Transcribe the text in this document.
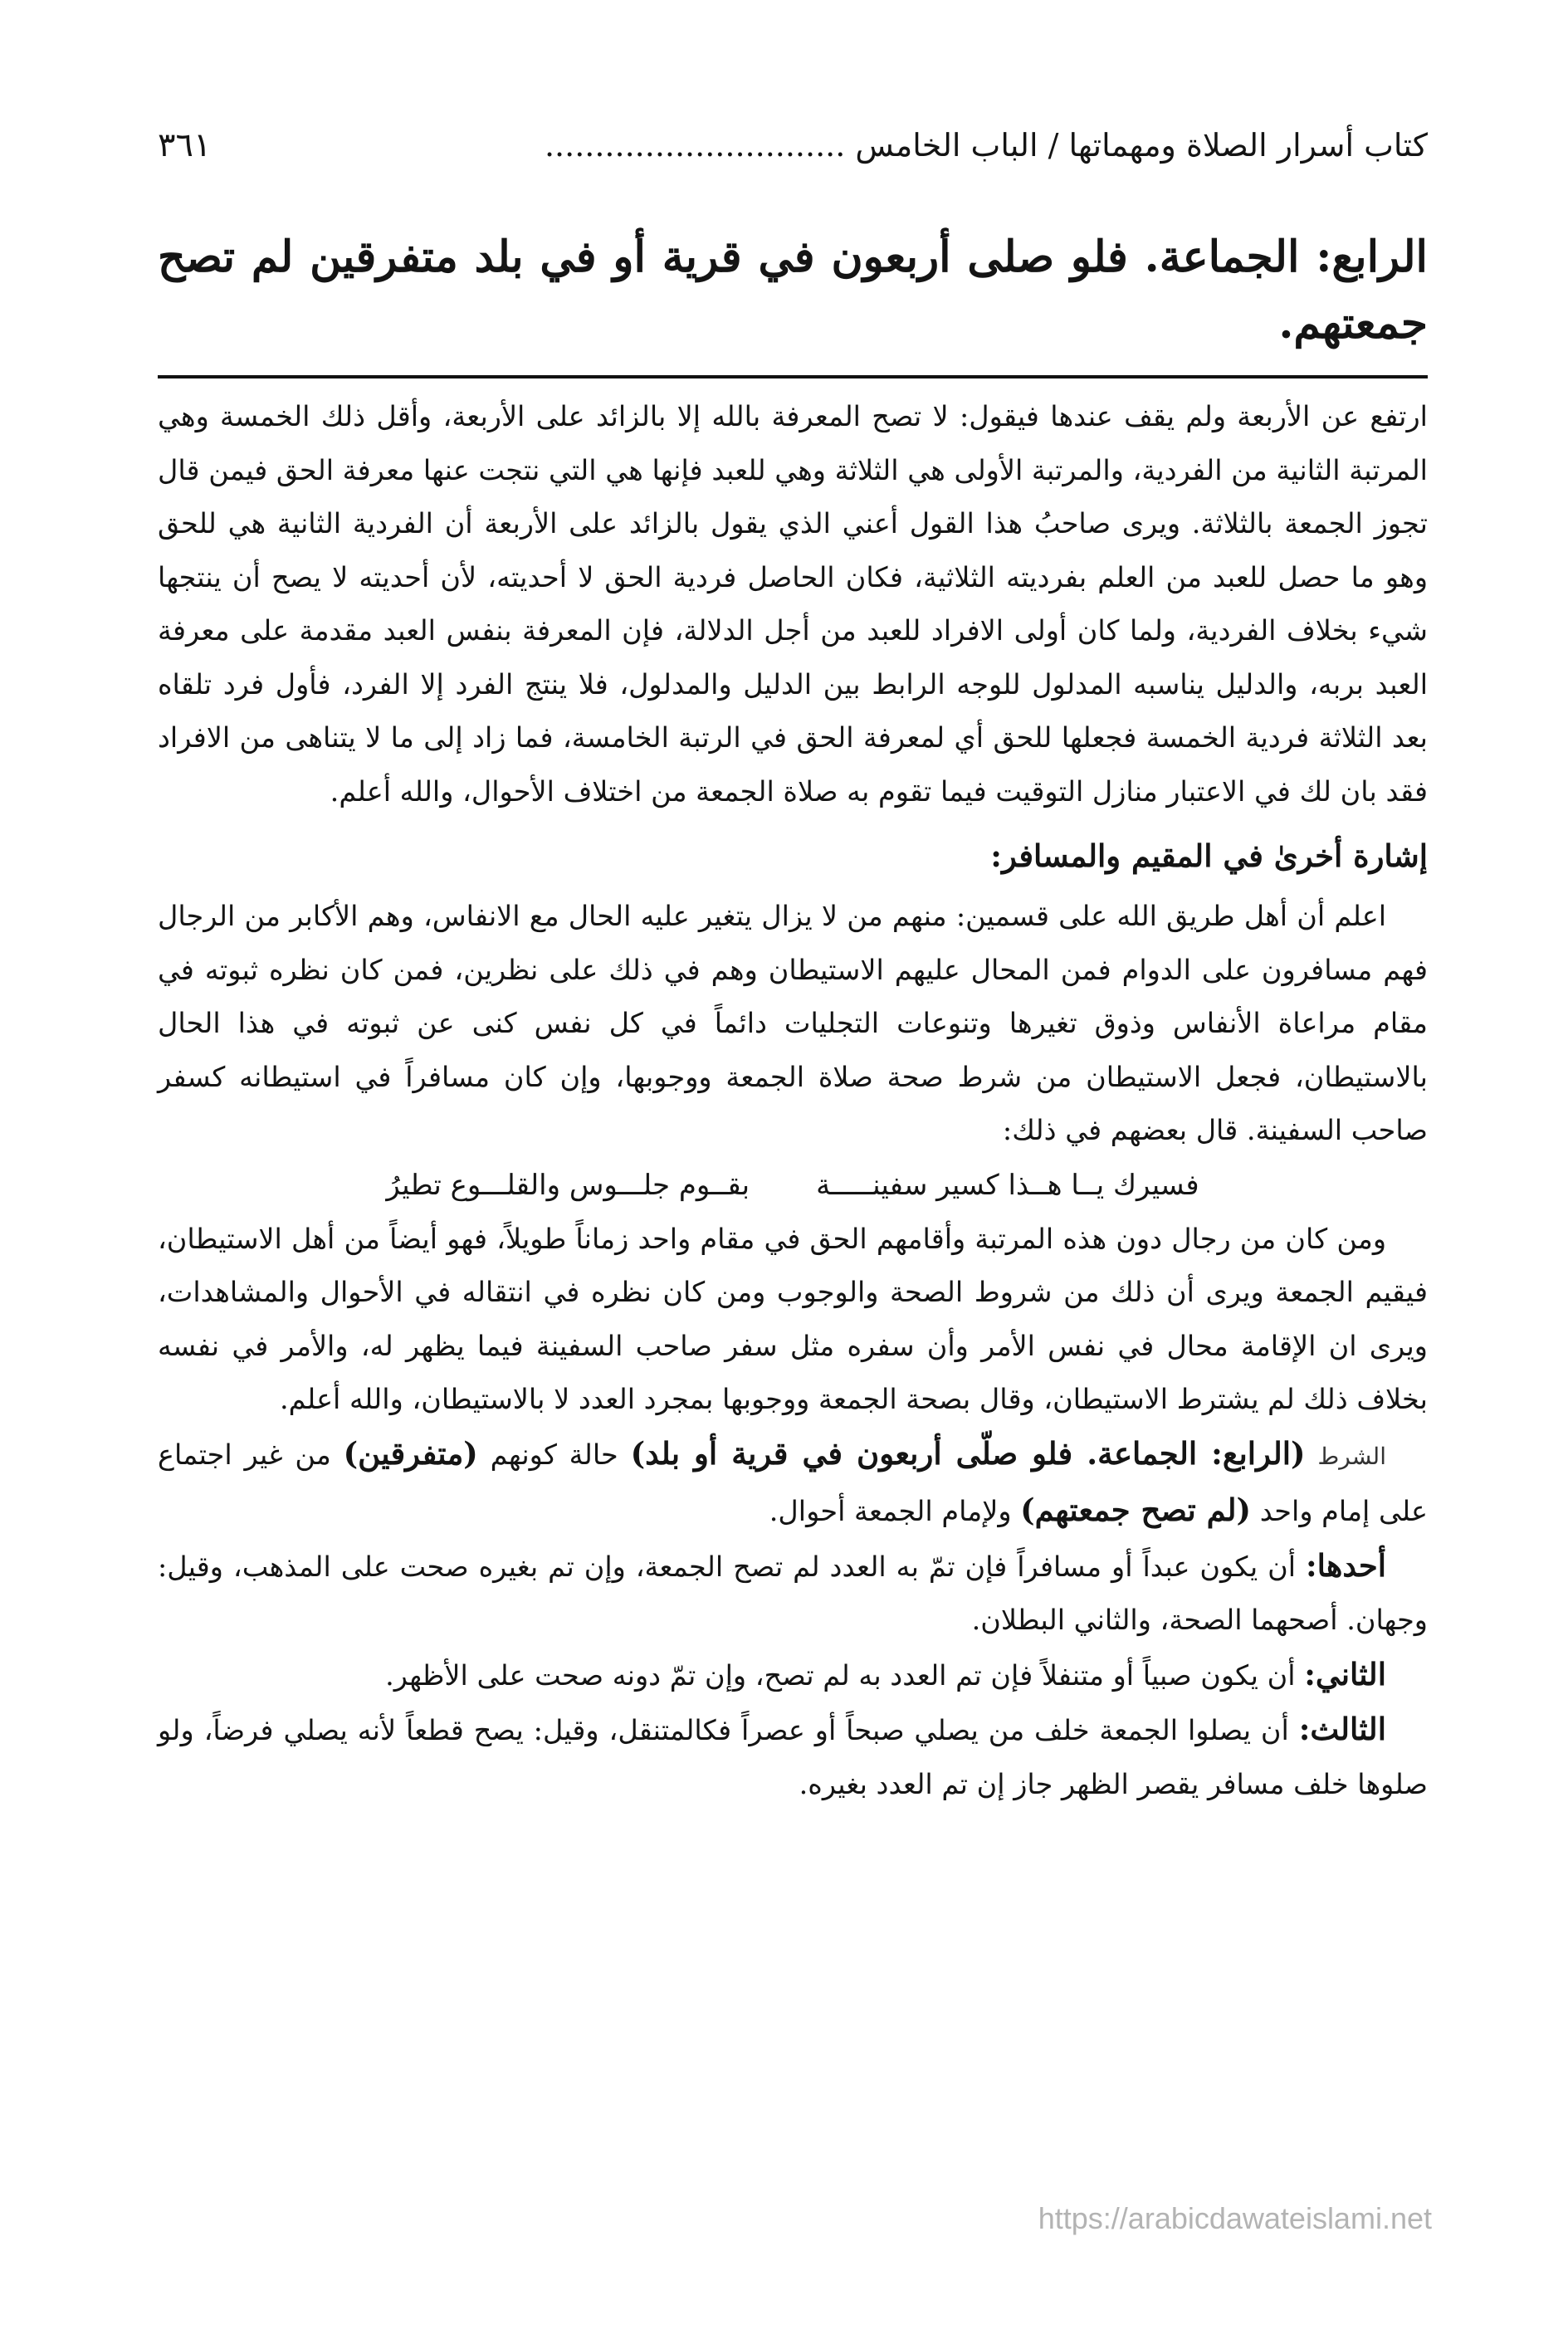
كتاب أسرار الصلاة ومهماتها / الباب الخامس ..............................
٣٦١
الرابع: الجماعة. فلو صلى أربعون في قرية أو في بلد متفرقين لم تصح جمعتهم.

ارتفع عن الأربعة ولم يقف عندها فيقول: لا تصح المعرفة بالله إلا بالزائد على الأربعة، وأقل ذلك الخمسة وهي المرتبة الثانية من الفردية، والمرتبة الأولى هي الثلاثة وهي للعبد فإنها هي التي نتجت عنها معرفة الحق فيمن قال تجوز الجمعة بالثلاثة. ويرى صاحبُ هذا القول أعني الذي يقول بالزائد على الأربعة أن الفردية الثانية هي للحق وهو ما حصل للعبد من العلم بفرديته الثلاثية، فكان الحاصل فردية الحق لا أحديته، لأن أحديته لا يصح أن ينتجها شيء بخلاف الفردية، ولما كان أولى الافراد للعبد من أجل الدلالة، فإن المعرفة بنفس العبد مقدمة على معرفة العبد بربه، والدليل يناسبه المدلول للوجه الرابط بين الدليل والمدلول، فلا ينتج الفرد إلا الفرد، فأول فرد تلقاه بعد الثلاثة فردية الخمسة فجعلها للحق أي لمعرفة الحق في الرتبة الخامسة، فما زاد إلى ما لا يتناهى من الافراد فقد بان لك في الاعتبار منازل التوقيت فيما تقوم به صلاة الجمعة من اختلاف الأحوال، والله أعلم.

إشارة أخرىٰ في المقيم والمسافر:

اعلم أن أهل طريق الله على قسمين: منهم من لا يزال يتغير عليه الحال مع الانفاس، وهم الأكابر من الرجال فهم مسافرون على الدوام فمن المحال عليهم الاستيطان وهم في ذلك على نظرين، فمن كان نظره ثبوته في مقام مراعاة الأنفاس وذوق تغيرها وتنوعات التجليات دائماً في كل نفس كنى عن ثبوته في هذا الحال بالاستيطان، فجعل الاستيطان من شرط صحة صلاة الجمعة ووجوبها، وإن كان مسافراً في استيطانه كسفر صاحب السفينة. قال بعضهم في ذلك:

فسيرك يــا هــذا كسير سفينـــــة
بقــوم جلـــوس والقلـــوع تطيرُ

ومن كان من رجال دون هذه المرتبة وأقامهم الحق في مقام واحد زماناً طويلاً، فهو أيضاً من أهل الاستيطان، فيقيم الجمعة ويرى أن ذلك من شروط الصحة والوجوب ومن كان نظره في انتقاله في الأحوال والمشاهدات، ويرى ان الإقامة محال في نفس الأمر وأن سفره مثل سفر صاحب السفينة فيما يظهر له، والأمر في نفسه بخلاف ذلك لم يشترط الاستيطان، وقال بصحة الجمعة ووجوبها بمجرد العدد لا بالاستيطان، والله أعلم.

الشرط (الرابع: الجماعة. فلو صلّى أربعون في قرية أو بلد) حالة كونهم (متفرقين) من غير اجتماع على إمام واحد (لم تصح جمعتهم) ولإمام الجمعة أحوال.

أحدها: أن يكون عبداً أو مسافراً فإن تمّ به العدد لم تصح الجمعة، وإن تم بغيره صحت على المذهب، وقيل: وجهان. أصحهما الصحة، والثاني البطلان.

الثاني: أن يكون صبياً أو متنفلاً فإن تم العدد به لم تصح، وإن تمّ دونه صحت على الأظهر.

الثالث: أن يصلوا الجمعة خلف من يصلي صبحاً أو عصراً فكالمتنقل، وقيل: يصح قطعاً لأنه يصلي فرضاً، ولو صلوها خلف مسافر يقصر الظهر جاز إن تم العدد بغيره.

https://arabicdawateislami.net
